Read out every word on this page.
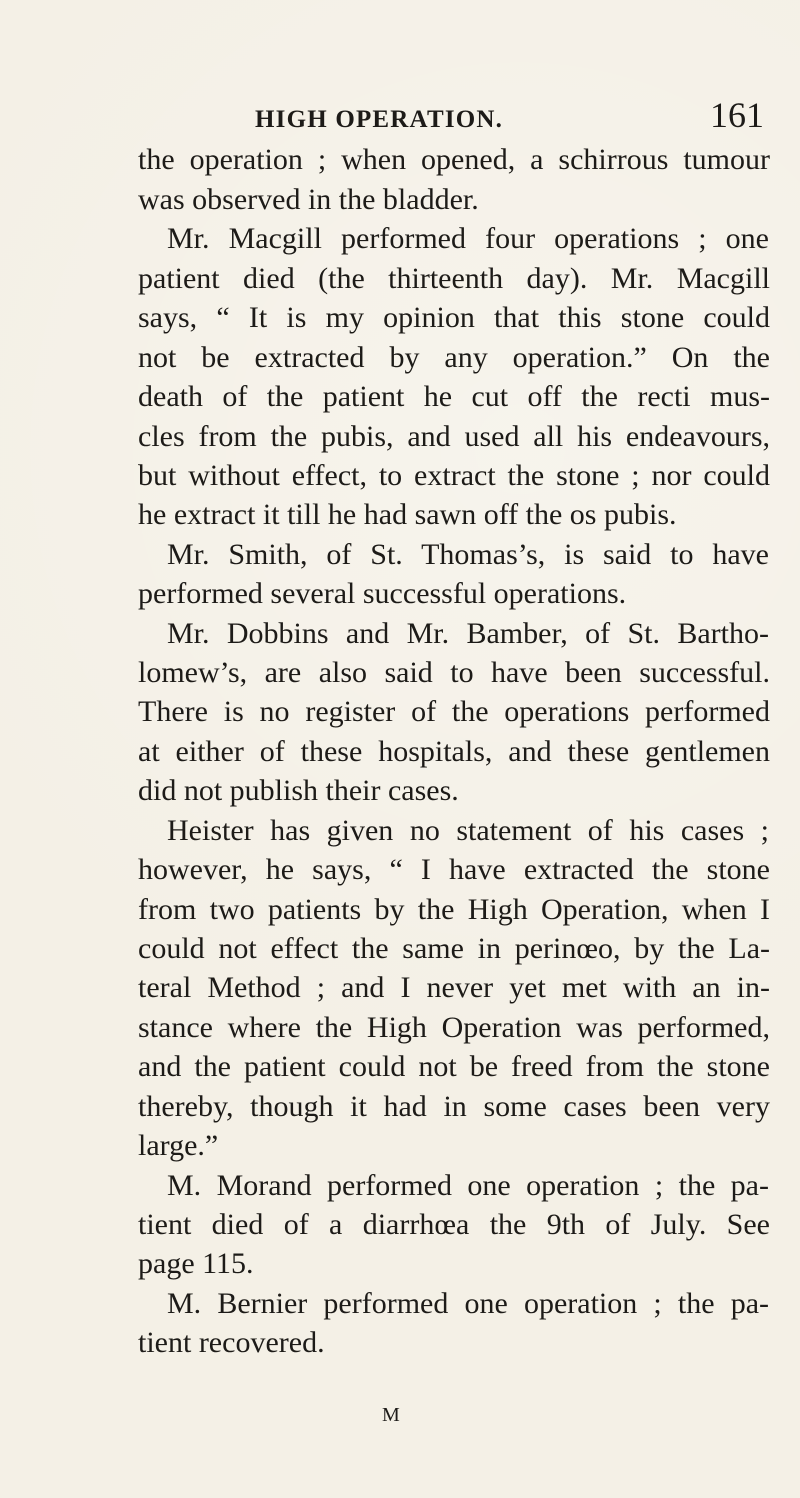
HIGH OPERATION.	161
the operation ; when opened, a schirrous tumour
was observed in the bladder.
Mr. Macgill performed four operations ; one
patient died (the thirteenth day). Mr. Macgill
says, “ It is my opinion that this stone could
not be extracted by any operation.” On the
death of the patient he cut off the recti mus-
cles from the pubis, and used all his endeavours,
but without effect, to extract the stone ; nor could
he extract it till he had sawn off the os pubis.
Mr. Smith, of St. Thomas’s, is said to have
performed several successful operations.
Mr. Dobbins and Mr. Bamber, of St. Bartho-
lomew’s, are also said to have been successful.
There is no register of the operations performed
at either of these hospitals, and these gentlemen
did not publish their cases.
Heister has given no statement of his cases ;
however, he says, “ I have extracted the stone
from two patients by the High Operation, when I
could not effect the same in perinœo, by the La-
teral Method ; and I never yet met with an in-
stance where the High Operation was performed,
and the patient could not be freed from the stone
thereby, though it had in some cases been very
large.”
M. Morand performed one operation ; the pa-
tient died of a diarrhœa the 9th of July. See
page 115.
M. Bernier performed one operation ; the pa-
tient recovered.
M
